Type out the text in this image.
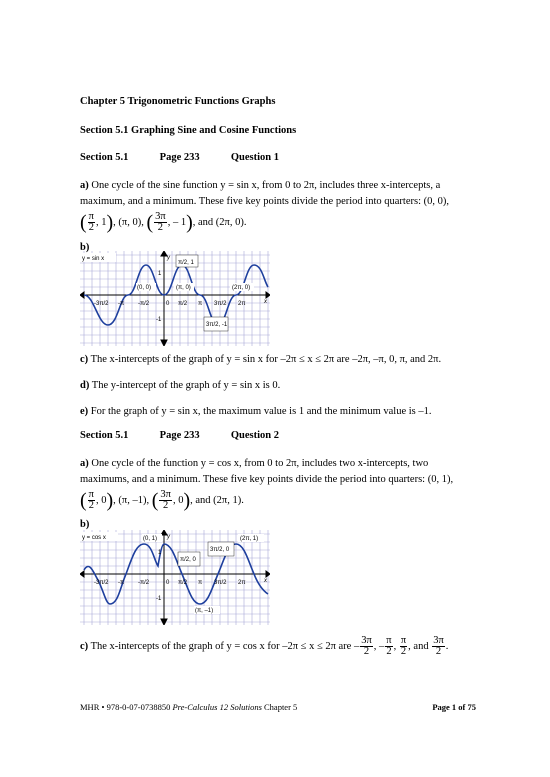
Chapter 5 Trigonometric Functions Graphs
Section 5.1 Graphing Sine and Cosine Functions
Section 5.1	Page 233	Question 1
a) One cycle of the sine function y = sin x, from 0 to 2π, includes three x-intercepts, a
maximum, and a minimum. These five key points divide the period into quarters: (0, 0),
( $\frac{\pi}{2}$ , 1), (π, 0), ( $\frac{3\pi}{2}$ , – 1), and (2π, 0).
b)
y = sin x	y
x
π/2, 1
(0, 0)	(π, 0)	(2π, 0)
1
-1
3π/2, -1
-3π/2 -π -π/2	0 π/2 π 3π/2 2π
c) The x-intercepts of the graph of y = sin x for –2π ≤ x ≤ 2π are –2π, –π, 0, π, and 2π.
d) The y-intercept of the graph of y = sin x is 0.
e) For the graph of y = sin x, the maximum value is 1 and the minimum value is –1.
Section 5.1	Page 233	Question 2
a) One cycle of the function y = cos x, from 0 to 2π, includes two x-intercepts, two
maximums, and a minimum. These five key points divide the period into quarters: (0, 1),
( $\frac{\pi}{2}$ , 0), (π, –1), ( $\frac{3\pi}{2}$ , 0), and (2π, 1).
b)
y = cos x	y
x
(0, 1)	(2π, 1)
π/2, 0
3π/2, 0
(π, –1)
1
-1
-3π/2 -π -π/2	0 π/2 π 3π/2 2π
c) The x-intercepts of the graph of y = cos x for –2π ≤ x ≤ 2π are – $\frac{3\pi}{2}$ , – $\frac{\pi}{2}$ , $\frac{\pi}{2}$ , and $\frac{3\pi}{2}$ .
MHR • 978-0-07-0738850 Pre-Calculus 12 Solutions Chapter 5	Page 1 of 75
